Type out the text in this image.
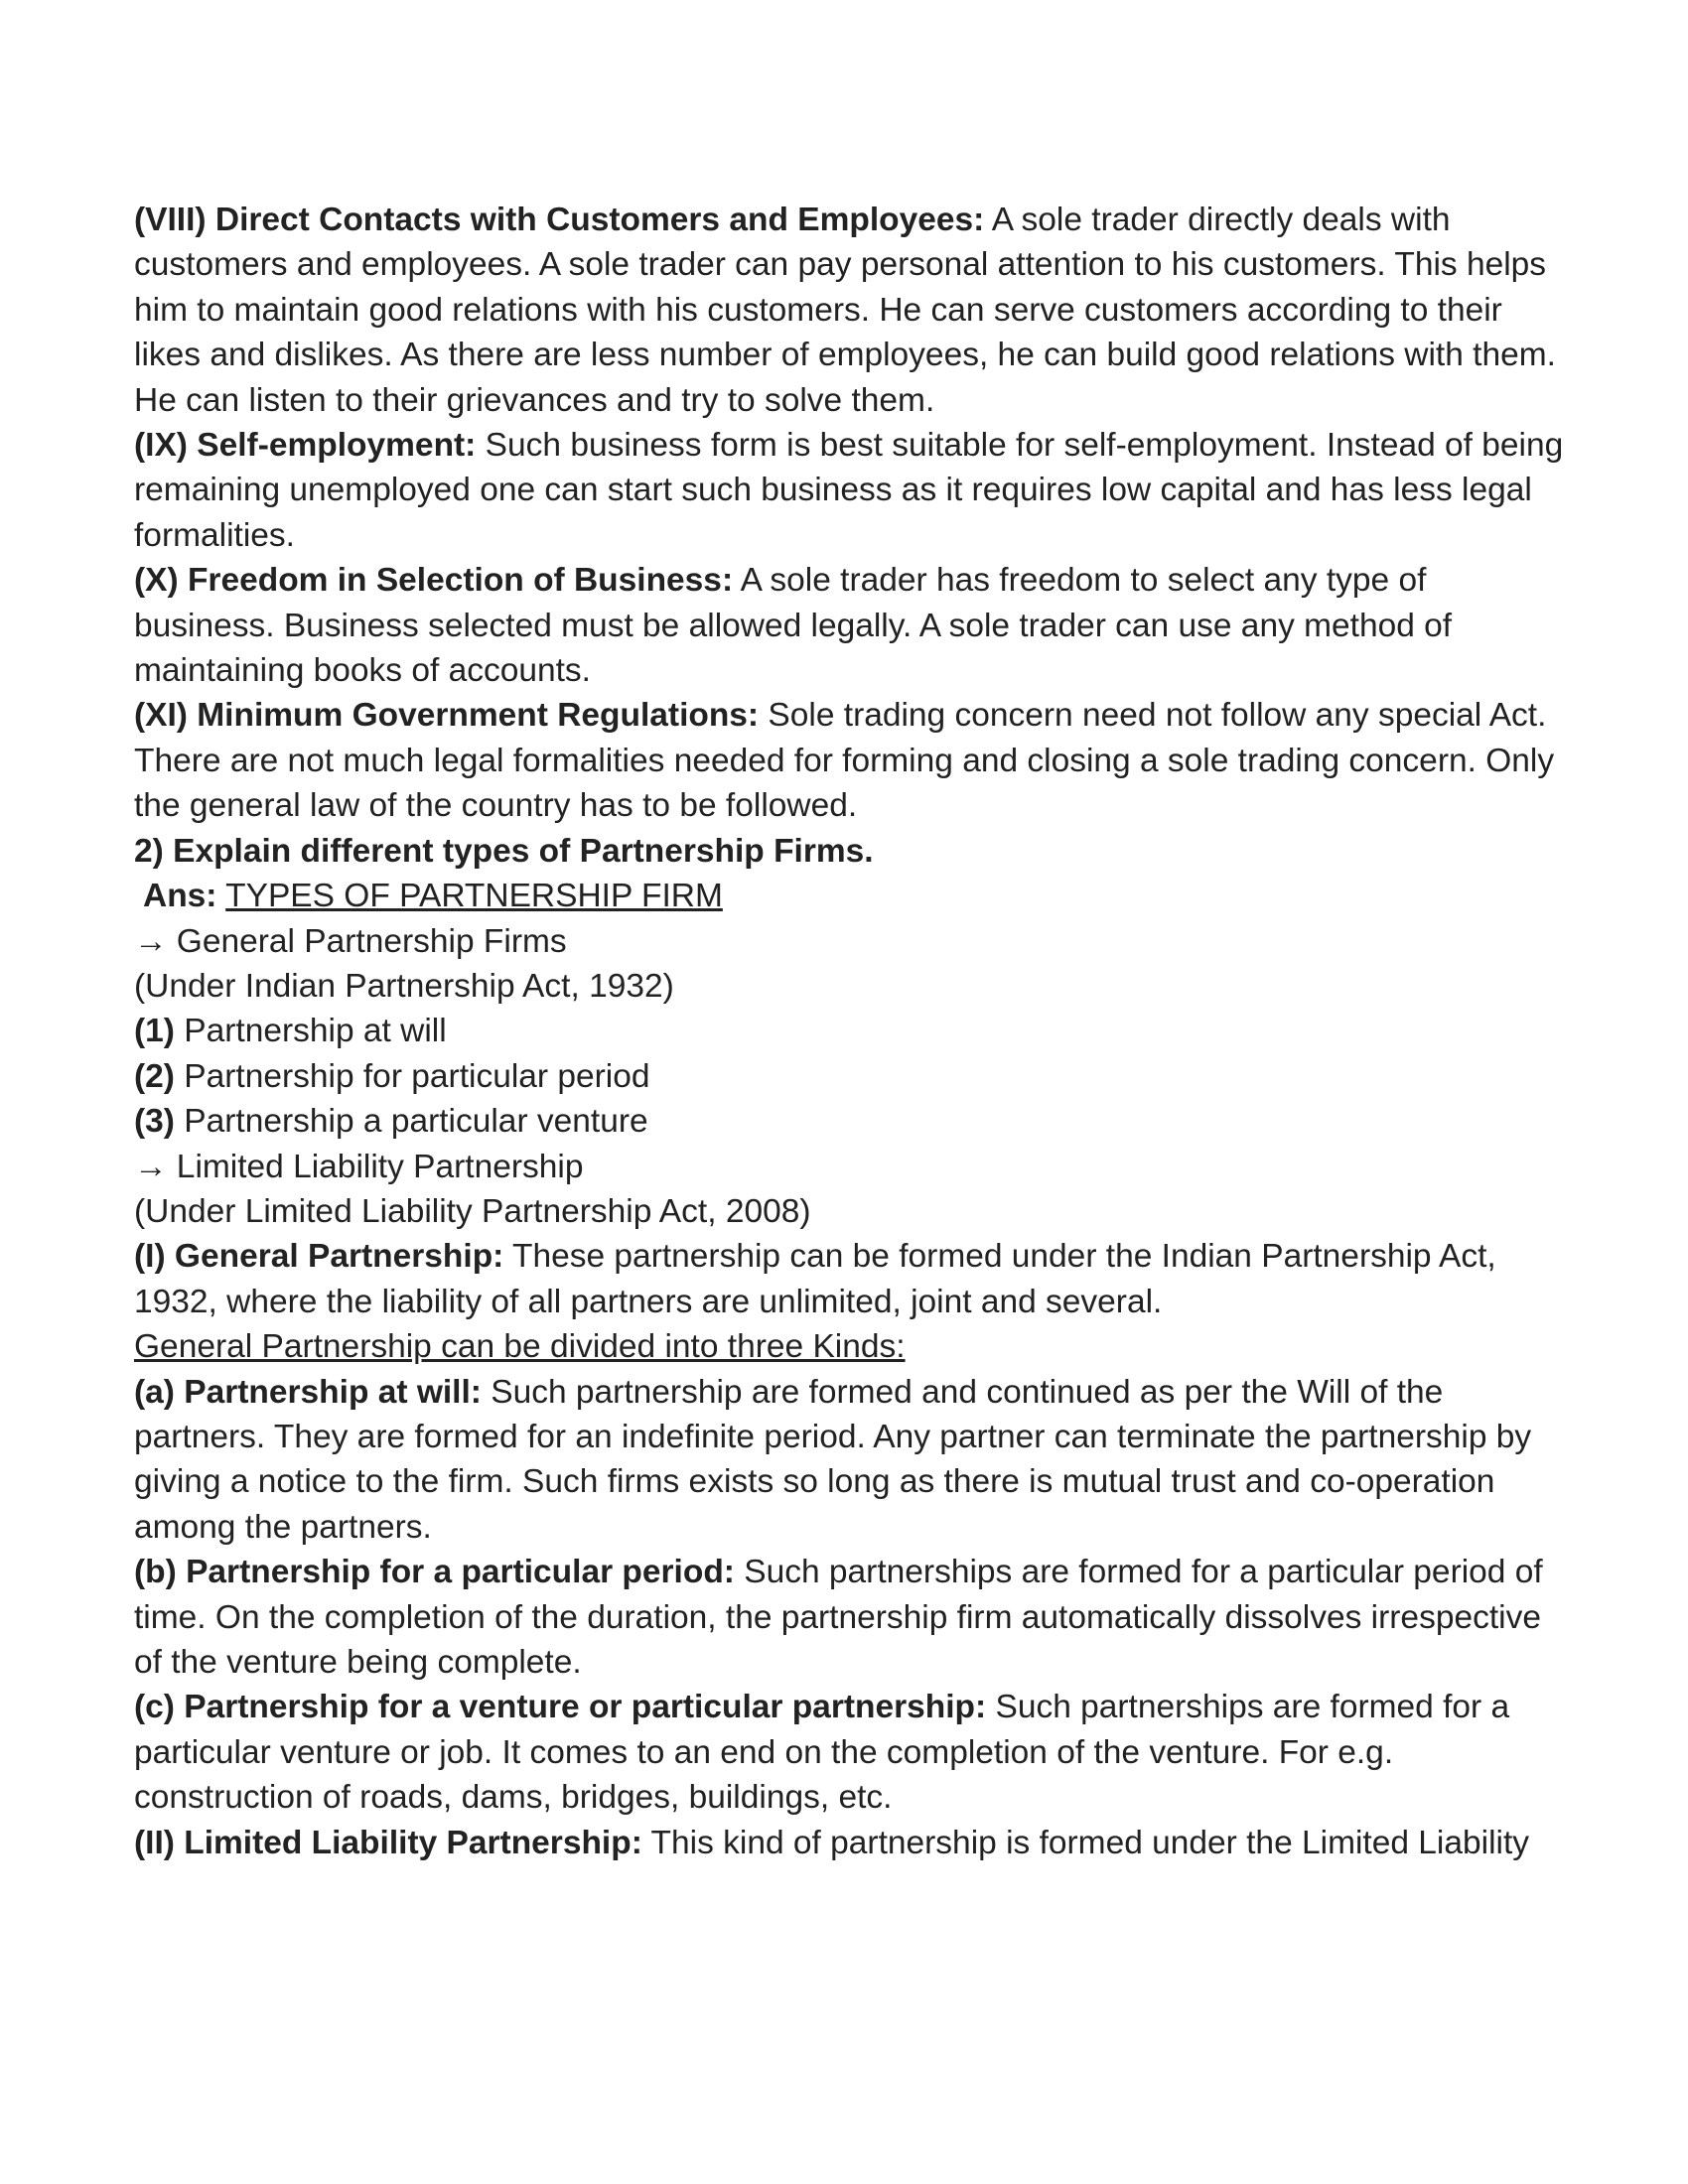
(VIII) Direct Contacts with Customers and Employees: A sole trader directly deals with customers and employees. A sole trader can pay personal attention to his customers. This helps him to maintain good relations with his customers. He can serve customers according to their likes and dislikes. As there are less number of employees, he can build good relations with them. He can listen to their grievances and try to solve them.

(IX) Self-employment: Such business form is best suitable for self-employment. Instead of being remaining unemployed one can start such business as it requires low capital and has less legal formalities.

(X) Freedom in Selection of Business: A sole trader has freedom to select any type of business. Business selected must be allowed legally. A sole trader can use any method of maintaining books of accounts.

(XI) Minimum Government Regulations: Sole trading concern need not follow any special Act. There are not much legal formalities needed for forming and closing a sole trading concern. Only the general law of the country has to be followed.

2) Explain different types of Partnership Firms.

Ans: TYPES OF PARTNERSHIP FIRM

→ General Partnership Firms

(Under Indian Partnership Act, 1932)

(1) Partnership at will

(2) Partnership for particular period

(3) Partnership a particular venture

→ Limited Liability Partnership

(Under Limited Liability Partnership Act, 2008)

(I) General Partnership: These partnership can be formed under the Indian Partnership Act, 1932, where the liability of all partners are unlimited, joint and several.

General Partnership can be divided into three Kinds:

(a) Partnership at will: Such partnership are formed and continued as per the Will of the partners. They are formed for an indefinite period. Any partner can terminate the partnership by giving a notice to the firm. Such firms exists so long as there is mutual trust and co-operation among the partners.

(b) Partnership for a particular period: Such partnerships are formed for a particular period of time. On the completion of the duration, the partnership firm automatically dissolves irrespective of the venture being complete.

(c) Partnership for a venture or particular partnership: Such partnerships are formed for a particular venture or job. It comes to an end on the completion of the venture. For e.g. construction of roads, dams, bridges, buildings, etc.

(II) Limited Liability Partnership: This kind of partnership is formed under the Limited Liability
